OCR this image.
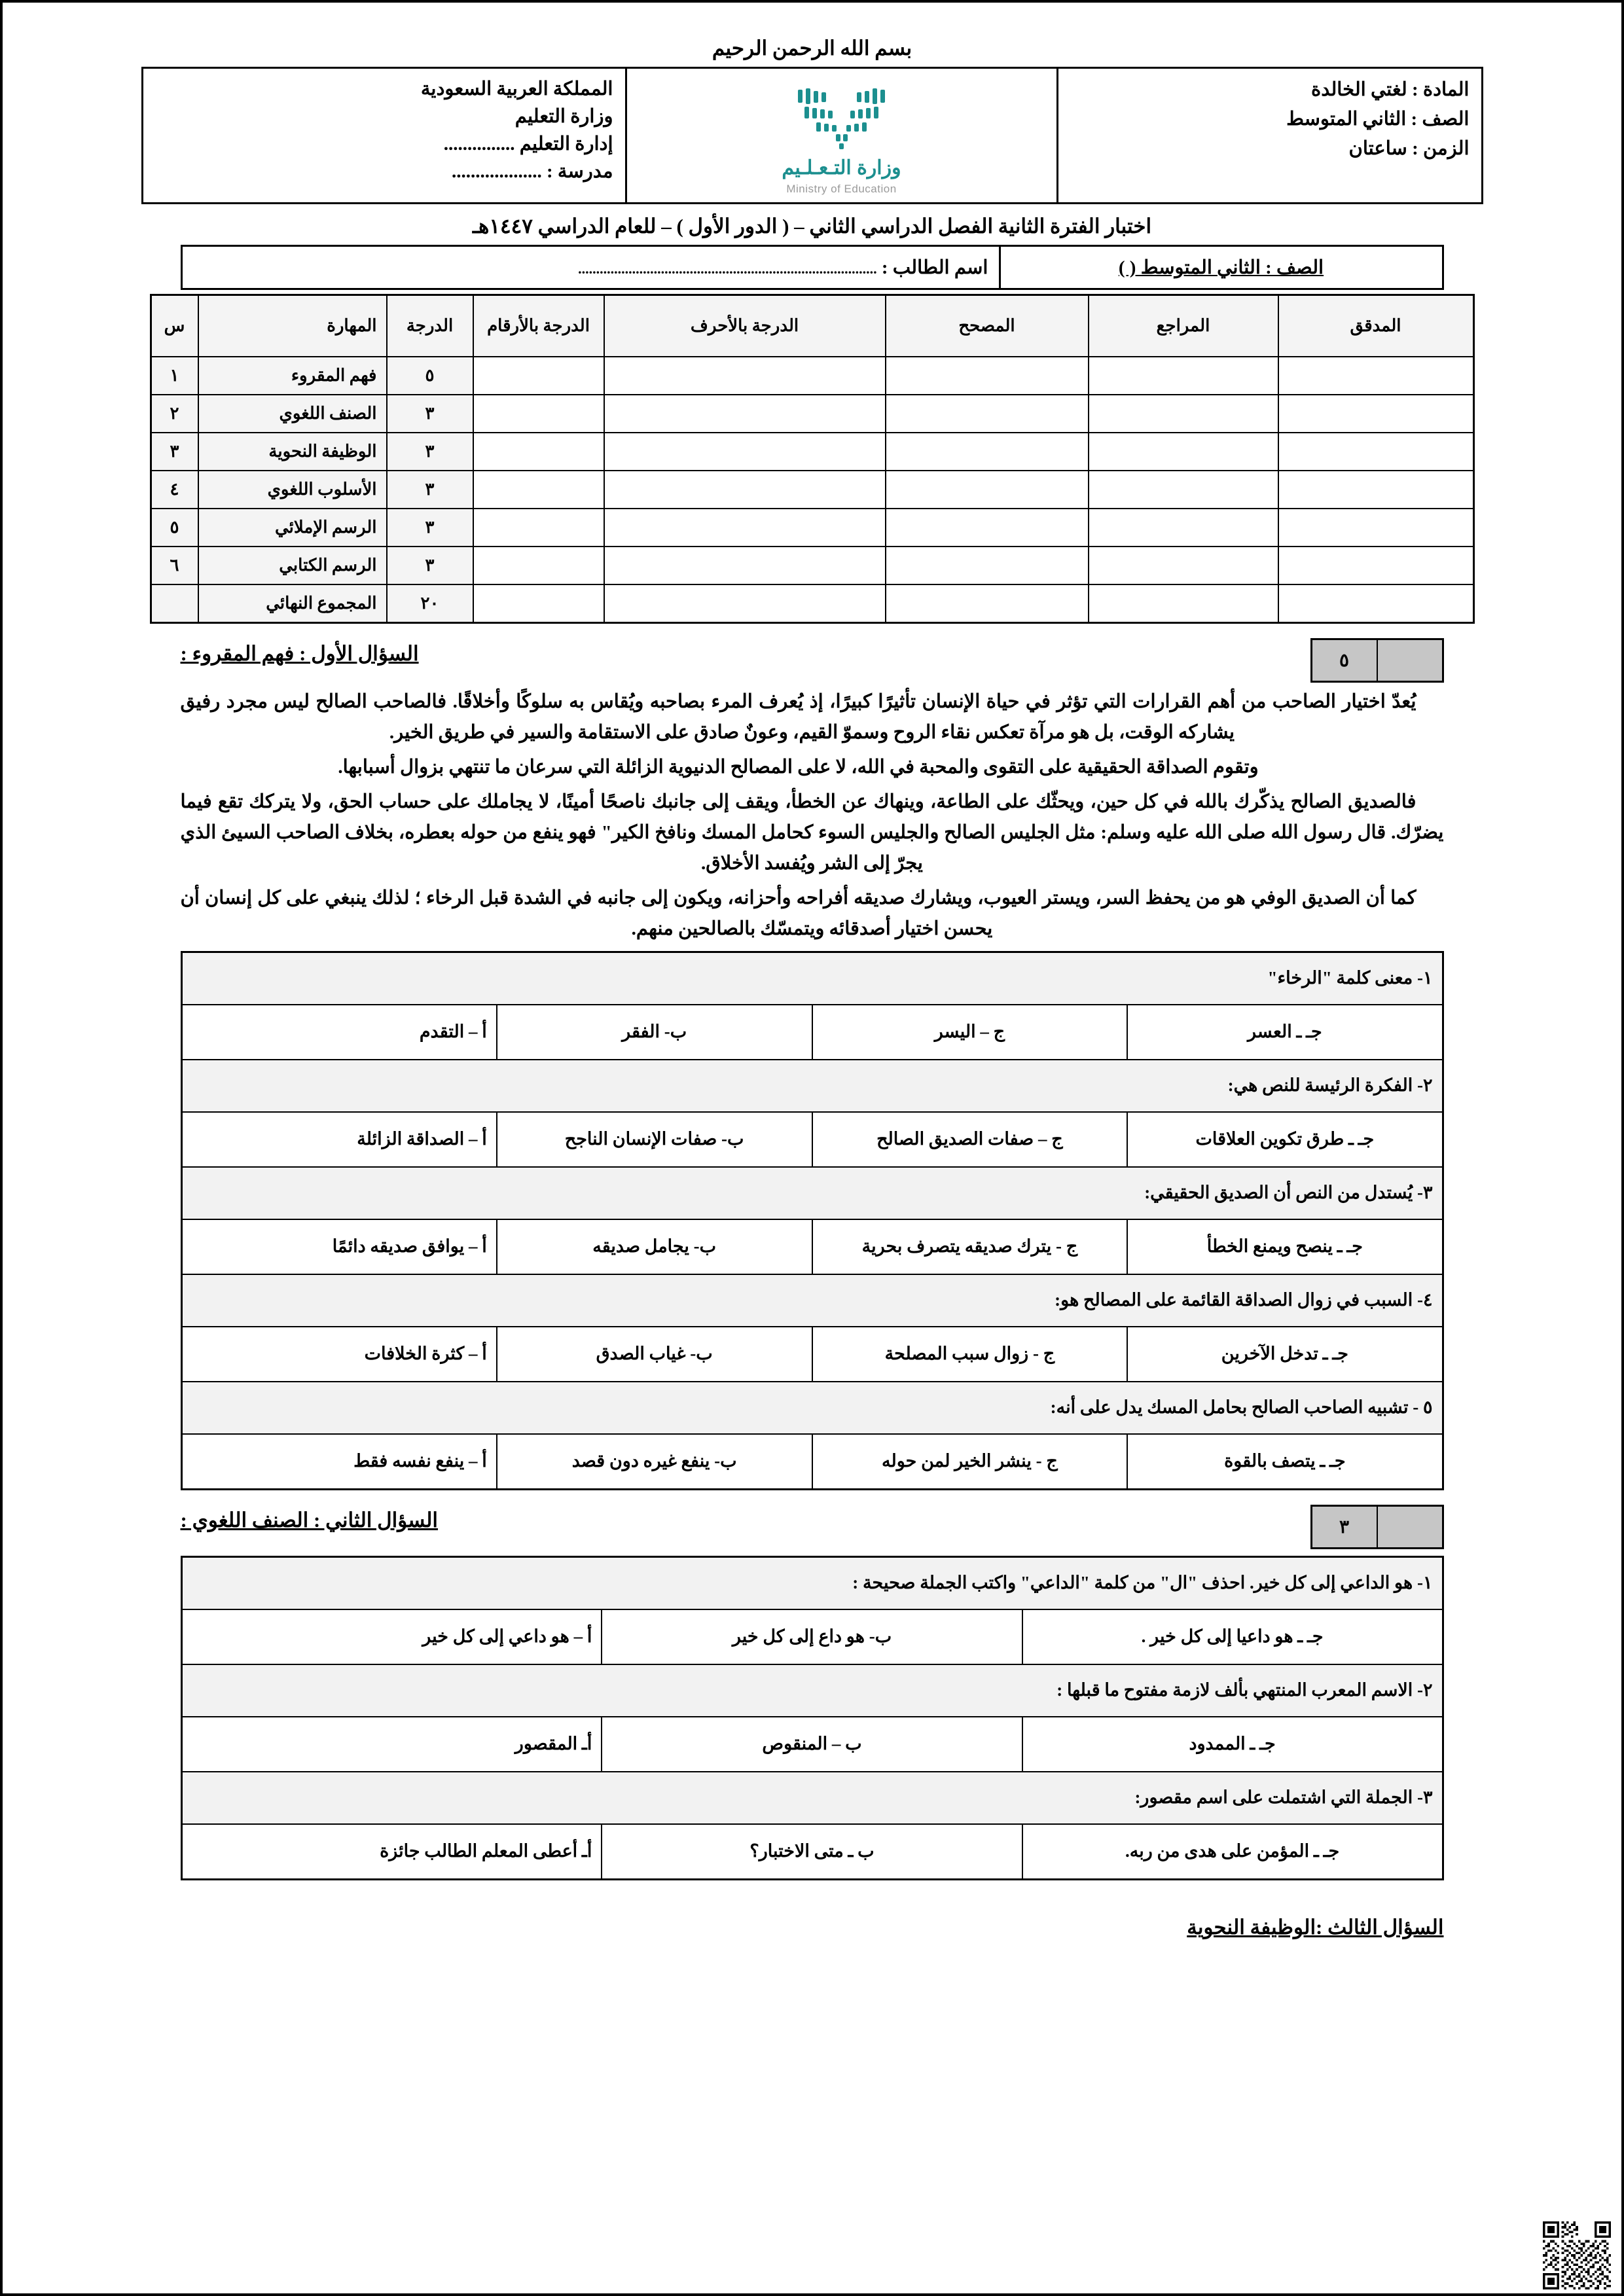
بسم الله الرحمن الرحيم
المادة : لغتي الخالدة
الصف : الثاني المتوسط
الزمن : ساعتان

وزارة التـعـلـيم
Ministry of Education

المملكة العربية السعودية
وزارة التعليم
إدارة التعليم ...............
مدرسة : ...................
اختبار الفترة الثانية الفصل الدراسي الثاني – ( الدور الأول ) – للعام الدراسي ١٤٤٧هـ
الصف : الثاني المتوسط ( )	اسم الطالب : ...................................................................................
المدقق	المراجع	المصحح	الدرجة بالأحرف	الدرجة بالأرقام	الدرجة	المهارة	س
					٥	فهم المقروء	١
					٣	الصنف اللغوي	٢
					٣	الوظيفة النحوية	٣
					٣	الأسلوب اللغوي	٤
					٣	الرسم الإملائي	٥
					٣	الرسم الكتابي	٦
					٢٠	المجموع النهائي	
٥
السؤال الأول : فهم المقروء :

يُعدّ اختيار الصاحب من أهم القرارات التي تؤثر في حياة الإنسان تأثيرًا كبيرًا، إذ يُعرف المرء بصاحبه ويُقاس به سلوكًا وأخلاقًا. فالصاحب الصالح ليس مجرد رفيق يشاركه الوقت، بل هو مرآة تعكس نقاء الروح وسموّ القيم، وعونٌ صادق على الاستقامة والسير في طريق الخير.

وتقوم الصداقة الحقيقية على التقوى والمحبة في الله، لا على المصالح الدنيوية الزائلة التي سرعان ما تنتهي بزوال أسبابها.

فالصديق الصالح يذكّرك بالله في كل حين، ويحثّك على الطاعة، وينهاك عن الخطأ، ويقف إلى جانبك ناصحًا أمينًا، لا يجاملك على حساب الحق، ولا يتركك تقع فيما يضرّك. قال رسول الله صلى الله عليه وسلم: مثل الجليس الصالح والجليس السوء كحامل المسك ونافخ الكير" فهو ينفع من حوله بعطره، بخلاف الصاحب السيئ الذي يجرّ إلى الشر ويُفسد الأخلاق.

كما أن الصديق الوفي هو من يحفظ السر، ويستر العيوب، ويشارك صديقه أفراحه وأحزانه، ويكون إلى جانبه في الشدة قبل الرخاء ؛ لذلك ينبغي على كل إنسان أن يحسن اختيار أصدقائه ويتمسّك بالصالحين منهم.

١- معنى كلمة "الرخاء"			
جـ ـ العسر	ج – اليسر	ب- الفقر	أ – التقدم
٢- الفكرة الرئيسة للنص هي:			
جـ ـ طرق تكوين العلاقات	ج – صفات الصديق الصالح	ب- صفات الإنسان الناجح	أ – الصداقة الزائلة
٣- يُستدل من النص أن الصديق الحقيقي:			
جـ ـ ينصح ويمنع الخطأ	ج - يترك صديقه يتصرف بحرية	ب- يجامل صديقه	أ – يوافق صديقه دائمًا
٤- السبب في زوال الصداقة القائمة على المصالح هو:			
جـ ـ تدخل الآخرين	ج - زوال سبب المصلحة	ب- غياب الصدق	أ – كثرة الخلافات
٥ - تشبيه الصاحب الصالح بحامل المسك يدل على أنه:			
جـ ـ يتصف بالقوة	ج - ينشر الخير لمن حوله	ب- ينفع غيره دون قصد	أ – ينفع نفسه فقط
٣
السؤال الثاني : الصنف اللغوي :
١- هو الداعي إلى كل خير. احذف "ال" من كلمة "الداعي" واكتب الجملة صحيحة :		
جـ ـ هو داعيا إلى كل خير .	ب- هو داع إلى كل خير	أ – هو داعي إلى كل خير
٢- الاسم المعرب المنتهي بألف لازمة مفتوح ما قبلها :		
جـ ـ الممدود	ب – المنقوص	أـ المقصور
٣- الجملة التي اشتملت على اسم مقصور:		
جـ ـ المؤمن على هدى من ربه.	ب ـ متى الاختبار؟	أـ أعطى المعلم الطالب جائزة
السؤال الثالث :الوظيفة النحوية
